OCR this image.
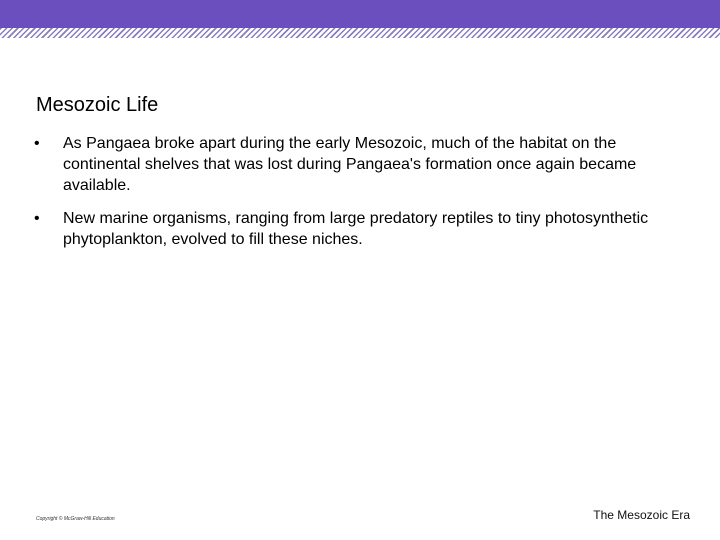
Mesozoic Life
• As Pangaea broke apart during the early Mesozoic, much of the habitat on the continental shelves that was lost during Pangaea's formation once again became available.
• New marine organisms, ranging from large predatory reptiles to tiny photosynthetic phytoplankton, evolved to fill these niches.
Copyright © McGraw-Hill Education	The Mesozoic Era
